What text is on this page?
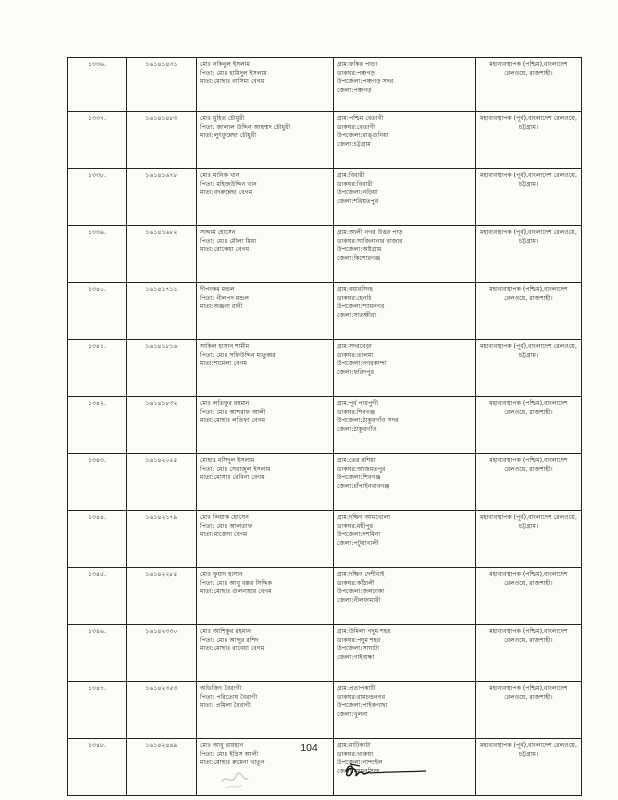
১৩৩৬.	১৬১৪১৪৩১	মোঃ নকিবুল ইসলাম
পিতা: মোঃ হামিদুল ইসলাম
মাতা:মোছাঃ নাসিমা বেগম	গ্রাম:ফকির পাড়া
ডাকঘর:পঞ্চগড়
উপজেলা:পঞ্চগড় সদর
জেলা:পঞ্চগড়	মহাব্যবস্থাপক (পশ্চিম),বাংলাদেশ রেলওয়ে, রাজশাহী।
১৩৩৭.	১৬১৪১৪৮৩	মোঃ মুহিত চৌধুরী
পিতা: জালাল উদ্দিন আহম্মদ চৌধুরী
মাতা:লুৎফুন্নেছা চৌধুরী	গ্রাম:পশ্চিম বেতাগী
ডাকঘর:বেতাগী
উপজেলা:রাঙ্গুনিয়া
জেলা:চট্টগ্রাম	মহাব্যবস্থাপক (পূর্ব),বাংলাদেশ রেলওয়ে, চট্টগ্রাম।
১৩৩৮.	১৬১৪১৬৭৮	মোঃ মানিক খান
পিতা: মহিজউদ্দিন খান
মাতা:বদরুন্নেছা বেগম	গ্রাম:বিবারী
ডাকঘর:বিবারী
উপজেলা:নড়িয়া
জেলা:শরিয়তপুর	মহাব্যবস্থাপক (পূর্ব),বাংলাদেশ রেলওয়ে, চট্টগ্রাম।
১৩৩৯.	১৬১৪১৬৮২	সাদ্দাম হোসেন
পিতা: মোঃ মৌলা মিয়া
মাতা:রোকেয়া বেগম	গ্রাম:আলী নগর উত্তর পাড়
ডাকঘর:সাজিনানার বাজার
উপজেলা:অষ্টগ্রাম
জেলা:কিশোরগঞ্জ	মহাব্যবস্থাপক (পূর্ব),বাংলাদেশ রেলওয়ে, চট্টগ্রাম।
১৩৪০.	১৬১৪১৭১১	দীপংকর মন্ডল
পিতা: নীলপদ মন্ডল
মাতা:অঞ্জনা রানী	গ্রাম:বয়ারসিংহ
ডাকঘর:হেনচি
উপজেলা:শ্যামনগর
জেলা:সাতক্ষীরা	মহাব্যবস্থাপক (পশ্চিম),বাংলাদেশ রেলওয়ে, রাজশাহী।
১৩৪১.	১৬১৪১৮১৬	সাকিল হাসান শামীম
পিতা: মোঃ সফিউদ্দিন মাতুব্বর
মাতা:শামেলা বেগম	গ্রাম:সদরবেড়া
ডাকঘর:তালমা
উপজেলা:নগরকান্দা
জেলা:ফরিদপুর	মহাব্যবস্থাপক (পূর্ব),বাংলাদেশ রেলওয়ে, চট্টগ্রাম।
১৩৪২.	১৬১৪১৮৩২	মোঃ লতিফুর রহমান
পিতা: মোঃ আশরাফ আলী
মাতা:মোছাঃ লতিফা বেগম	গ্রাম:পূর্ব পারপুগী
ডাকঘর:শিবগঞ্জ
উপজেলা:ঠাকুরগাঁও সদর
জেলা:ঠাকুরগাঁও	মহাব্যবস্থাপক (পশ্চিম),বাংলাদেশ রেলওয়ে, রাজশাহী।
১৩৪৩.	১৬১৪২০৫৫	মোহাঃ মসিদুল ইসলাম
পিতা: মোঃ সেরাজুল ইসলাম
মাতা:মোসাঃ রেবিনা বেগম	গ্রাম:তের রশিয়া
ডাকঘর:আজমতপুর
উপজেলা:শিবগঞ্জ
জেলা:চাঁপাইনবাবগঞ্জ	মহাব্যবস্থাপক (পশ্চিম),বাংলাদেশ রেলওয়ে, রাজশাহী।
১৩৪৪.	১৬১৪২১৭৯	মোঃ লিয়াক হোসেন
পিতা: মোঃ আলতাফ
মাতা:মাজেদা বেগম	গ্রাম:দক্ষিণ আমখোলা
ডাকঘর:মহীপুর
উপজেলা:দশমিনা
জেলা:পটুয়াখালী	মহাব্যবস্থাপক (পূর্ব),বাংলাদেশ রেলওয়ে, চট্টগ্রাম।
১৩৪৫.	১৬১৪২২৮৫	মোঃ ফুয়াদ হাসান
পিতা: মোঃ আবু বক্কর সিদ্দিক
মাতা:মোছাঃ গুলনাহার বেগম	গ্রাম:দক্ষিণ দেশীবাই
ডাকঘর:কাঁঠালী
উপজেলা:জলঢাকা
জেলা:নীলফামারী	মহাব্যবস্থাপক (পশ্চিম),বাংলাদেশ রেলওয়ে, রাজশাহী।
১৩৪৬.	১৬১৪২৩৩০	মোঃ আশিকুর রহমান
পিতা: মোঃ আব্দুর রশিদ
মাতা:মোছাঃ রাবেয়া বেগম	গ্রাম:উমিলা পদুম শহর
ডাকঘর:পদুম শহর
উপজেলা:সাঘাটা
জেলা:গাইবান্ধা	মহাব্যবস্থাপক (পশ্চিম),বাংলাদেশ রেলওয়ে, রাজশাহী।
১৩৪৭.	১৬১৪২৩৫৩	অভিজিৎ বৈরাগী
পিতা: পরিতোষ বৈরাগী
মাতা: প্রমিলা বৈরাগী	গ্রাম:প্রতাপকাটি
ডাকঘর:রামচন্দ্রনগর
উপজেলা:পাইকগাছা
জেলা:খুলনা	মহাব্যবস্থাপক (পশ্চিম),বাংলাদেশ রেলওয়ে, রাজশাহী।
১৩৪৮.	১৬১৪২৪৪৯	মোঃ আবু রায়হান
পিতা: মোঃ ইদ্রিস আলী
মাতা:মোছাঃ রুমেনা খাতুন	গ্রাম:মাটিকাটা
ডাকঘর:খারুয়া
উপজেলা:নান্দাইল
জেলা:ময়মনসিংহ	মহাব্যবস্থাপক (পূর্ব),বাংলাদেশ রেলওয়ে, চট্টগ্রাম।
104
